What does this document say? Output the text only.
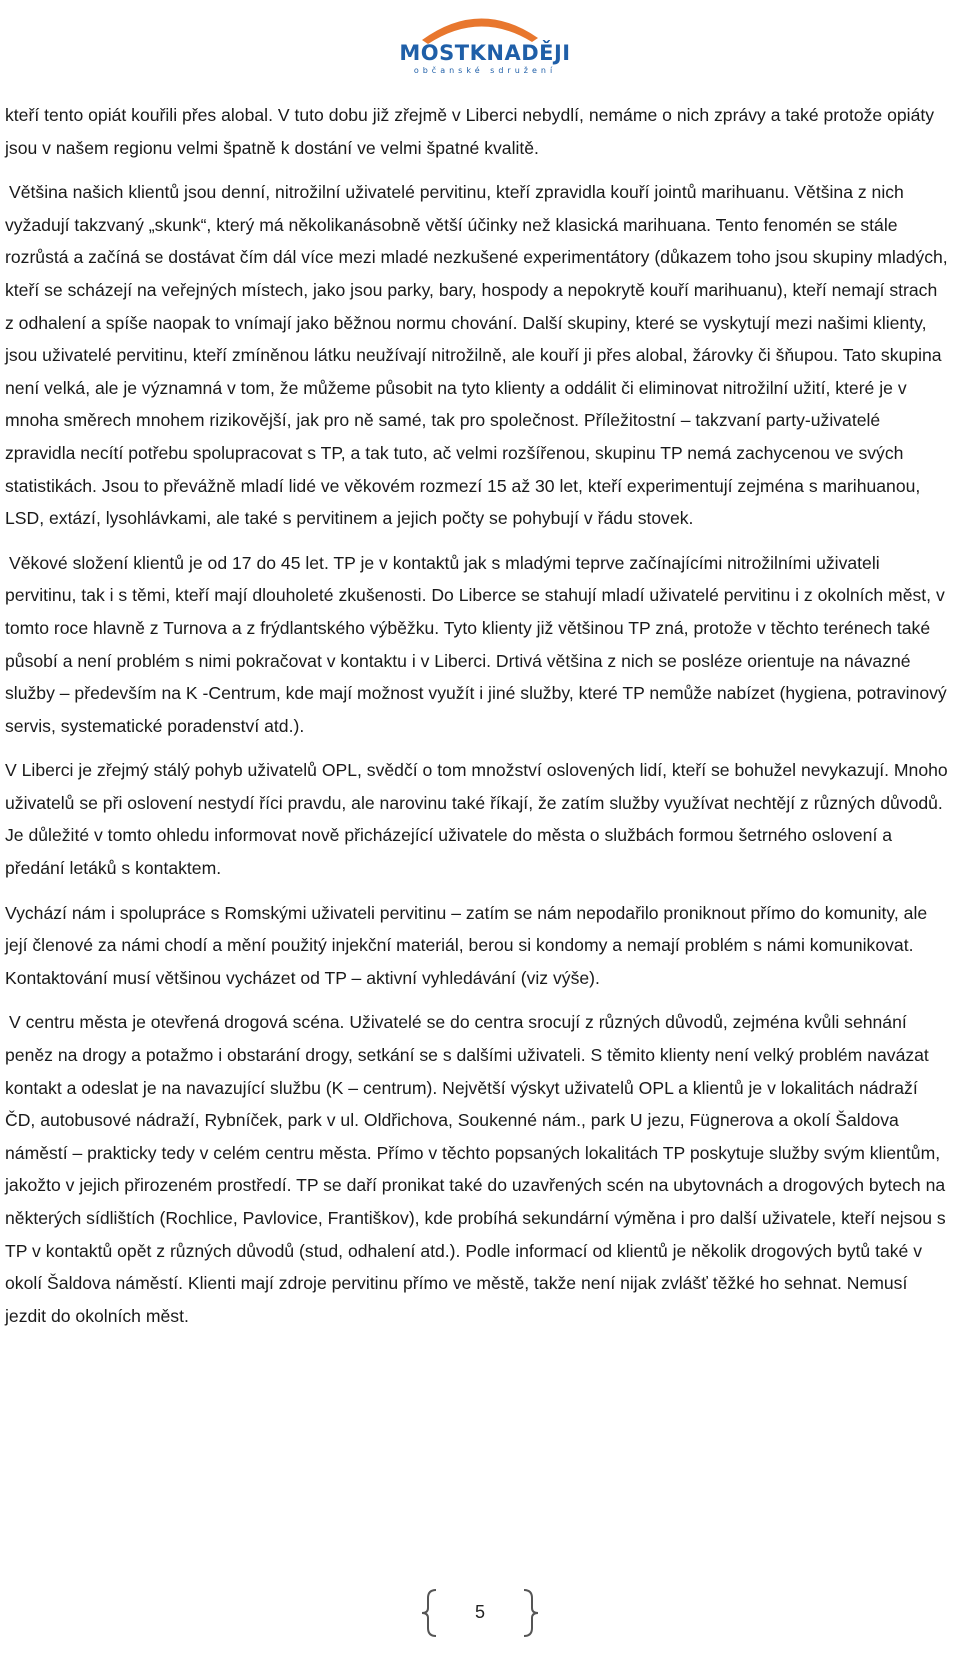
MOSTKNADĚJI
občanské sdružení

kteří tento opiát kouřili přes alobal. V tuto dobu již zřejmě v Liberci nebydlí, nemáme o nich zprávy a také protože opiáty jsou v našem regionu velmi špatně k dostání ve velmi špatné kvalitě.

Většina našich klientů jsou denní, nitrožilní uživatelé pervitinu, kteří zpravidla kouří jointů marihuanu. Většina z nich vyžadují takzvaný „skunk“, který má několikanásobně větší účinky než klasická marihuana. Tento fenomén se stále rozrůstá a začíná se dostávat čím dál více mezi mladé nezkušené experimentátory (důkazem toho jsou skupiny mladých, kteří se scházejí na veřejných místech, jako jsou parky, bary, hospody a nepokrytě kouří marihuanu), kteří nemají strach z odhalení a spíše naopak to vnímají jako běžnou normu chování. Další skupiny, které se vyskytují mezi našimi klienty, jsou uživatelé pervitinu, kteří zmíněnou látku neužívají nitrožilně, ale kouří ji přes alobal, žárovky či šňupou. Tato skupina není velká, ale je významná v tom, že můžeme působit na tyto klienty a oddálit či eliminovat nitrožilní užití, které je v mnoha směrech mnohem rizikovější, jak pro ně samé, tak pro společnost. Příležitostní – takzvaní party-uživatelé zpravidla necítí potřebu spolupracovat s TP, a tak tuto, ač velmi rozšířenou, skupinu TP nemá zachycenou ve svých statistikách. Jsou to převážně mladí lidé ve věkovém rozmezí 15 až 30 let, kteří experimentují zejména s marihuanou, LSD, extází, lysohlávkami, ale také s pervitinem a jejich počty se pohybují v řádu stovek.

Věkové složení klientů je od 17 do 45 let. TP je v kontaktů jak s mladými teprve začínajícími nitrožilními uživateli pervitinu, tak i s těmi, kteří mají dlouholeté zkušenosti. Do Liberce se stahují mladí uživatelé pervitinu i z okolních měst, v tomto roce hlavně z Turnova a z frýdlantského výběžku. Tyto klienty již většinou TP zná, protože v těchto terénech také působí a není problém s nimi pokračovat v kontaktu i v Liberci. Drtivá většina z nich se posléze orientuje na návazné služby – především na K -Centrum, kde mají možnost využít i jiné služby, které TP nemůže nabízet (hygiena, potravinový servis, systematické poradenství atd.).

V Liberci je zřejmý stálý pohyb uživatelů OPL, svědčí o tom množství oslovených lidí, kteří se bohužel nevykazují. Mnoho uživatelů se při oslovení nestydí říci pravdu, ale narovinu také říkají, že zatím služby využívat nechtějí z různých důvodů. Je důležité v tomto ohledu informovat nově přicházející uživatele do města o službách formou šetrného oslovení a předání letáků s kontaktem.

Vychází nám i spolupráce s Romskými uživateli pervitinu – zatím se nám nepodařilo proniknout přímo do komunity, ale její členové za námi chodí a mění použitý injekční materiál, berou si kondomy a nemají problém s námi komunikovat. Kontaktování musí většinou vycházet od TP – aktivní vyhledávání (viz výše).

V centru města je otevřená drogová scéna. Uživatelé se do centra srocují z různých důvodů, zejména kvůli sehnání peněz na drogy a potažmo i obstarání drogy, setkání se s dalšími uživateli. S těmito klienty není velký problém navázat kontakt a odeslat je na navazující službu (K – centrum). Největší výskyt uživatelů OPL a klientů je v lokalitách nádraží ČD, autobusové nádraží, Rybníček, park v ul. Oldřichova, Soukenné nám., park U jezu, Fügnerova a okolí Šaldova náměstí – prakticky tedy v celém centru města. Přímo v těchto popsaných lokalitách TP poskytuje služby svým klientům, jakožto v jejich přirozeném prostředí. TP se daří pronikat také do uzavřených scén na ubytovnách a drogových bytech na některých sídlištích (Rochlice, Pavlovice, Františkov), kde probíhá sekundární výměna i pro další uživatele, kteří nejsou s TP v kontaktů opět z různých důvodů (stud, odhalení atd.). Podle informací od klientů je několik drogových bytů také v okolí Šaldova náměstí. Klienti mají zdroje pervitinu přímo ve městě, takže není nijak zvlášť těžké ho sehnat. Nemusí jezdit do okolních měst.

5
